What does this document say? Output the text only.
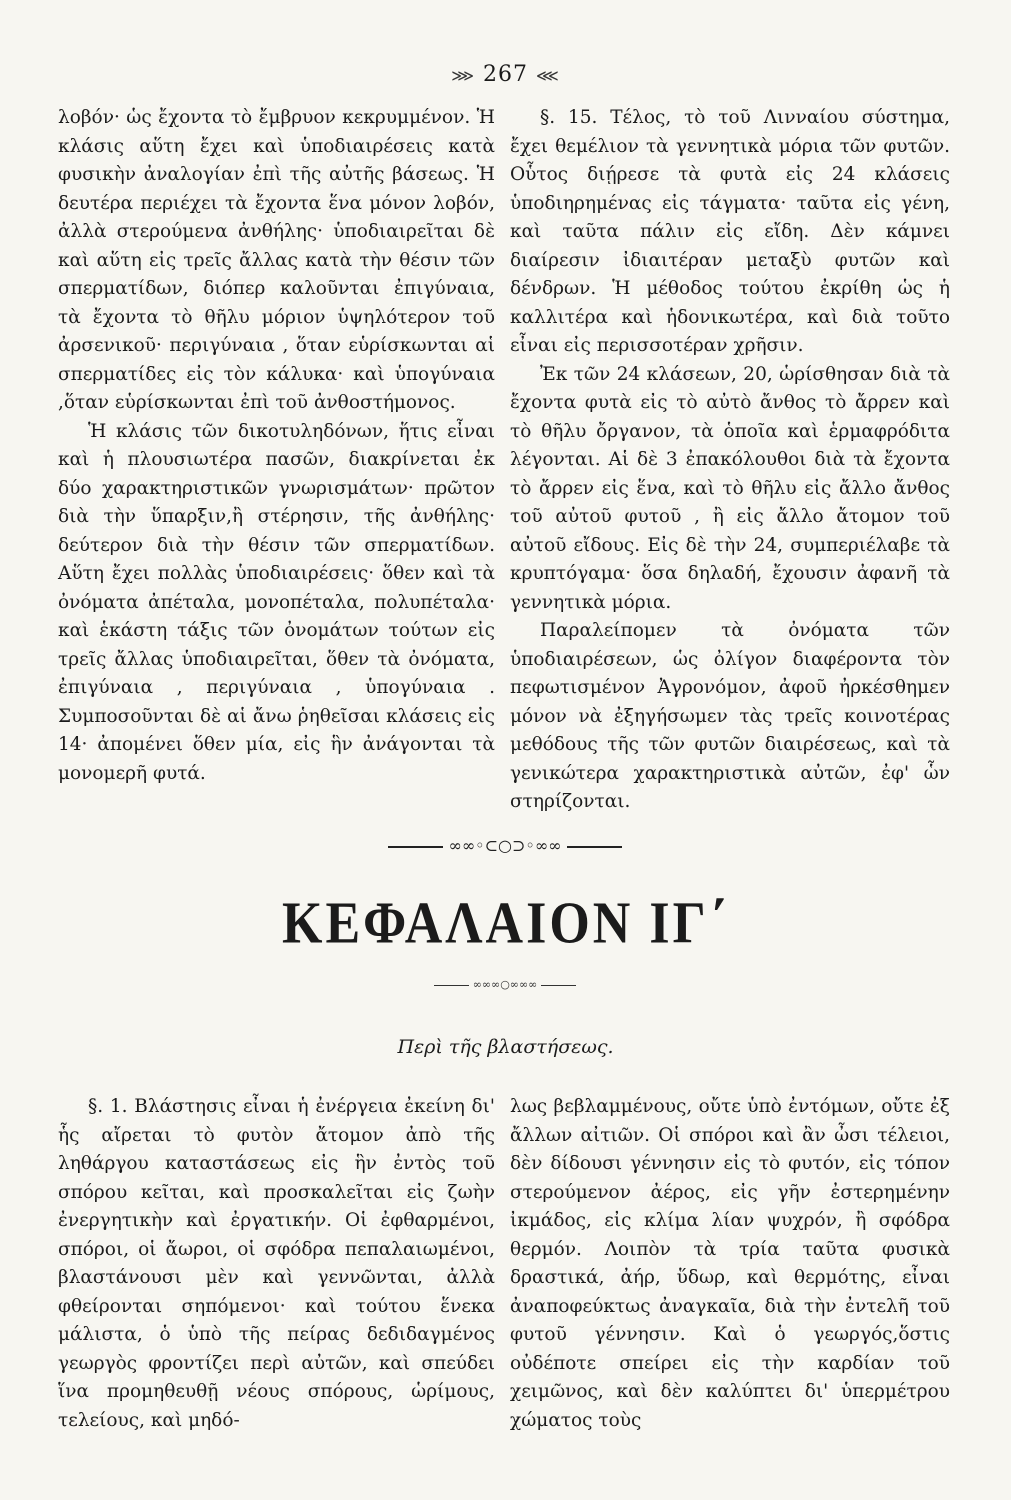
⋙ 267 ⋘

λοβόν· ὡς ἔχοντα τὸ ἔμβρυον κεκρυμμένον. Ἡ κλάσις αὕτη ἔχει καὶ ὑποδιαιρέσεις κατὰ φυσικὴν ἀναλογίαν ἐπὶ τῆς αὐτῆς βάσεως. Ἡ δευτέρα περιέχει τὰ ἔχοντα ἕνα μόνον λοβόν, ἀλλὰ στερούμενα ἀνθήλης· ὑποδιαιρεῖται δὲ καὶ αὕτη εἰς τρεῖς ἄλλας κατὰ τὴν θέσιν τῶν σπερματίδων, διόπερ καλοῦνται ἐπιγύναια, τὰ ἔχοντα τὸ θῆλυ μόριον ὑψηλότερον τοῦ ἀρσενικοῦ· περιγύναια , ὅταν εὑρίσκωνται αἱ σπερματίδες εἰς τὸν κάλυκα· καὶ ὑπογύναια ,ὅταν εὑρίσκωνται ἐπὶ τοῦ ἀνθοστήμονος.

Ἡ κλάσις τῶν δικοτυληδόνων, ἥτις εἶναι καὶ ἡ πλουσιωτέρα πασῶν, διακρίνεται ἐκ δύο χαρακτηριστικῶν γνωρισμάτων· πρῶτον διὰ τὴν ὕπαρξιν,ἢ στέρησιν, τῆς ἀνθήλης· δεύτερον διὰ τὴν θέσιν τῶν σπερματίδων. Αὕτη ἔχει πολλὰς ὑποδιαιρέσεις· ὅθεν καὶ τὰ ὀνόματα ἀπέταλα, μονοπέταλα, πολυπέταλα· καὶ ἑκάστη τάξις τῶν ὀνομάτων τούτων εἰς τρεῖς ἄλλας ὑποδιαιρεῖται, ὅθεν τὰ ὀνόματα, ἐπιγύναια , περιγύναια , ὑπογύναια . Συμποσοῦνται δὲ αἱ ἄνω ῥηθεῖσαι κλάσεις εἰς 14· ἀπομένει ὅθεν μία, εἰς ἣν ἀνάγονται τὰ μονομερῆ φυτά.

§. 15. Τέλος, τὸ τοῦ Λινναίου σύστημα, ἔχει θεμέλιον τὰ γεννητικὰ μόρια τῶν φυτῶν. Οὗτος διῄρεσε τὰ φυτὰ εἰς 24 κλάσεις ὑποδιηρημένας εἰς τάγματα· ταῦτα εἰς γένη, καὶ ταῦτα πάλιν εἰς εἴδη. Δὲν κάμνει διαίρεσιν ἰδιαιτέραν μεταξὺ φυτῶν καὶ δένδρων. Ἡ μέθοδος τούτου ἐκρίθη ὡς ἡ καλλιτέρα καὶ ἡδονικωτέρα, καὶ διὰ τοῦτο εἶναι εἰς περισσοτέραν χρῆσιν.

Ἐκ τῶν 24 κλάσεων, 20, ὡρίσθησαν διὰ τὰ ἔχοντα φυτὰ εἰς τὸ αὐτὸ ἄνθος τὸ ἄρρεν καὶ τὸ θῆλυ ὄργανον, τὰ ὁποῖα καὶ ἑρμαφρόδιτα λέγονται. Αἱ δὲ 3 ἐπακόλουθοι διὰ τὰ ἔχοντα τὸ ἄρρεν εἰς ἕνα, καὶ τὸ θῆλυ εἰς ἄλλο ἄνθος τοῦ αὐτοῦ φυτοῦ , ἢ εἰς ἄλλο ἄτομον τοῦ αὐτοῦ εἴδους. Εἰς δὲ τὴν 24, συμπεριέλαβε τὰ κρυπτόγαμα· ὅσα δηλαδή, ἔχουσιν ἀφανῆ τὰ γεννητικὰ μόρια.

Παραλείπομεν τὰ ὀνόματα τῶν ὑποδιαιρέσεων, ὡς ὀλίγον διαφέροντα τὸν πεφωτισμένον Ἀγρονόμον, ἀφοῦ ἠρκέσθημεν μόνον νὰ ἐξηγήσωμεν τὰς τρεῖς κοινοτέρας μεθόδους τῆς τῶν φυτῶν διαιρέσεως, καὶ τὰ γενικώτερα χαρακτηριστικὰ αὐτῶν, ἐφ' ὧν στηρίζονται.

∞∞◦⊂○⊃◦∞∞
ΚΕΦΑΛΑΙΟΝ ΙΓ΄
∞∞∞○∞∞∞
Περὶ τῆς βλαστήσεως.

§. 1. Βλάστησις εἶναι ἡ ἐνέργεια ἐκείνη δι' ἧς αἴρεται τὸ φυτὸν ἄτομον ἀπὸ τῆς ληθάργου καταστάσεως εἰς ἣν ἐντὸς τοῦ σπόρου κεῖται, καὶ προσκαλεῖται εἰς ζωὴν ἐνεργητικὴν καὶ ἐργατικήν. Οἱ ἐφθαρμένοι, σπόροι, οἱ ἄωροι, οἱ σφόδρα πεπαλαιωμένοι, βλαστάνουσι μὲν καὶ γεννῶνται, ἀλλὰ φθείρονται σηπόμενοι· καὶ τούτου ἕνεκα μάλιστα, ὁ ὑπὸ τῆς πείρας δεδιδαγμένος γεωργὸς φροντίζει περὶ αὐτῶν, καὶ σπεύδει ἵνα προμηθευθῇ νέους σπόρους, ὡρίμους, τελείους, καὶ μηδό-

λως βεβλαμμένους, οὔτε ὑπὸ ἐντόμων, οὔτε ἐξ ἄλλων αἰτιῶν. Οἱ σπόροι καὶ ἂν ὦσι τέλειοι, δὲν δίδουσι γέννησιν εἰς τὸ φυτόν, εἰς τόπον στερούμενον ἀέρος, εἰς γῆν ἐστερημένην ἰκμάδος, εἰς κλίμα λίαν ψυχρόν, ἢ σφόδρα θερμόν. Λοιπὸν τὰ τρία ταῦτα φυσικὰ δραστικά, ἀήρ, ὕδωρ, καὶ θερμότης, εἶναι ἀναποφεύκτως ἀναγκαῖα, διὰ τὴν ἐντελῆ τοῦ φυτοῦ γέννησιν. Καὶ ὁ γεωργός,ὅστις οὐδέποτε σπείρει εἰς τὴν καρδίαν τοῦ χειμῶνος, καὶ δὲν καλύπτει δι' ὑπερμέτρου χώματος τοὺς
